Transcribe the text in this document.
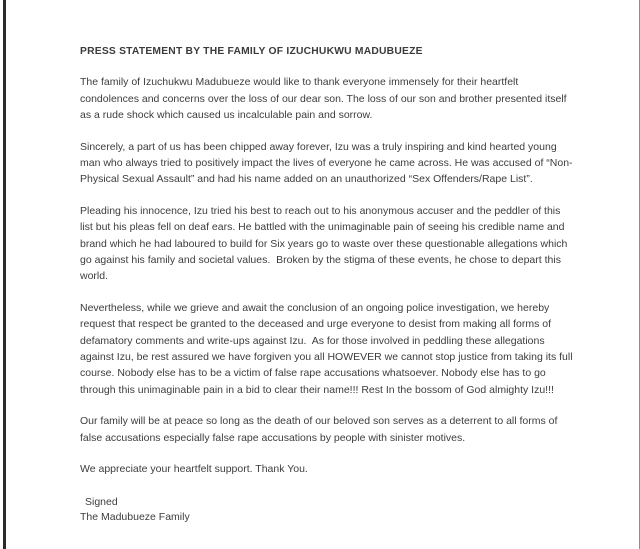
PRESS STATEMENT BY THE FAMILY OF IZUCHUKWU MADUBUEZE

The family of Izuchukwu Madubueze would like to thank everyone immensely for their heartfelt condolences and concerns over the loss of our dear son. The loss of our son and brother presented itself as a rude shock which caused us incalculable pain and sorrow.

Sincerely, a part of us has been chipped away forever, Izu was a truly inspiring and kind hearted young man who always tried to positively impact the lives of everyone he came across. He was accused of “Non-Physical Sexual Assault” and had his name added on an unauthorized “Sex Offenders/Rape List”.

Pleading his innocence, Izu tried his best to reach out to his anonymous accuser and the peddler of this list but his pleas fell on deaf ears. He battled with the unimaginable pain of seeing his credible name and brand which he had laboured to build for Six years go to waste over these questionable allegations which go against his family and societal values.  Broken by the stigma of these events, he chose to depart this world.

Nevertheless, while we grieve and await the conclusion of an ongoing police investigation, we hereby request that respect be granted to the deceased and urge everyone to desist from making all forms of defamatory comments and write-ups against Izu.  As for those involved in peddling these allegations against Izu, be rest assured we have forgiven you all HOWEVER we cannot stop justice from taking its full course. Nobody else has to be a victim of false rape accusations whatsoever. Nobody else has to go through this unimaginable pain in a bid to clear their name!!! Rest In the bossom of God almighty Izu!!!

Our family will be at peace so long as the death of our beloved son serves as a deterrent to all forms of false accusations especially false rape accusations by people with sinister motives.

We appreciate your heartfelt support. Thank You.

Signed
The Madubueze Family
